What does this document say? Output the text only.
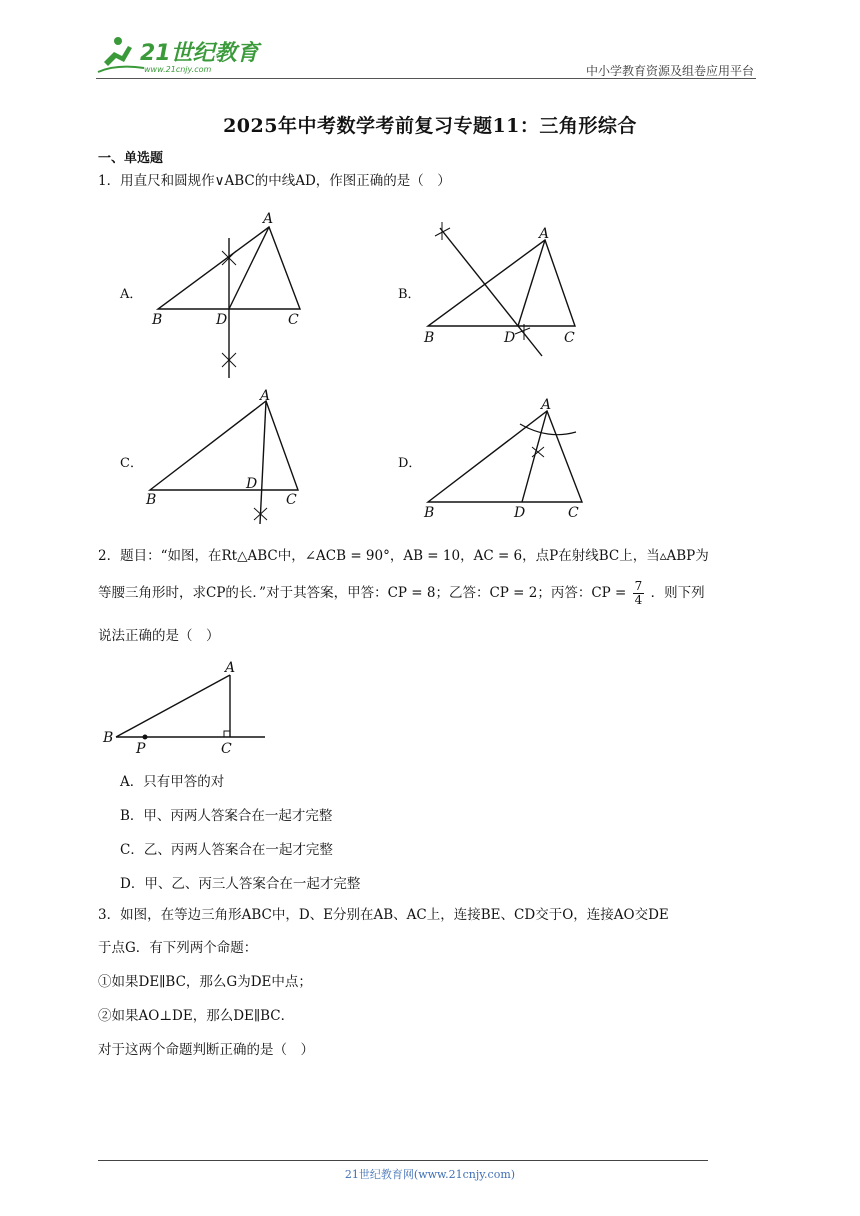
21世纪教育
www.21cnjy.com	中小学教育资源及组卷应用平台
2025年中考数学考前复习专题11：三角形综合
一、单选题
1．用直尺和圆规作∨ABC的中线AD，作图正确的是（　）
A．
A
B	D	C
B．
A
B	D	C
C．
A
B
D
C
D．
A
B	D	C
2．题目：“如图，在Rt△ABC中，∠ACB = 90°，AB = 10，AC = 6，点P在射线BC上，当▵ABP为
等腰三角形时，求CP的长．”对于其答案，甲答：CP = 8；乙答：CP = 2；丙答：CP = $\frac{7}{4}$ ．则下列
说法正确的是（　）
A
B
P	C
A．只有甲答的对
B．甲、丙两人答案合在一起才完整
C．乙、丙两人答案合在一起才完整
D．甲、乙、丙三人答案合在一起才完整
3．如图，在等边三角形ABC中，D、E分别在AB、AC上，连接BE、CD交于O，连接AO交DE
于点G．有下列两个命题：
①如果DE∥BC，那么G为DE中点；
②如果AO⊥DE，那么DE∥BC．
对于这两个命题判断正确的是（　）
21世纪教育网(www.21cnjy.com)
